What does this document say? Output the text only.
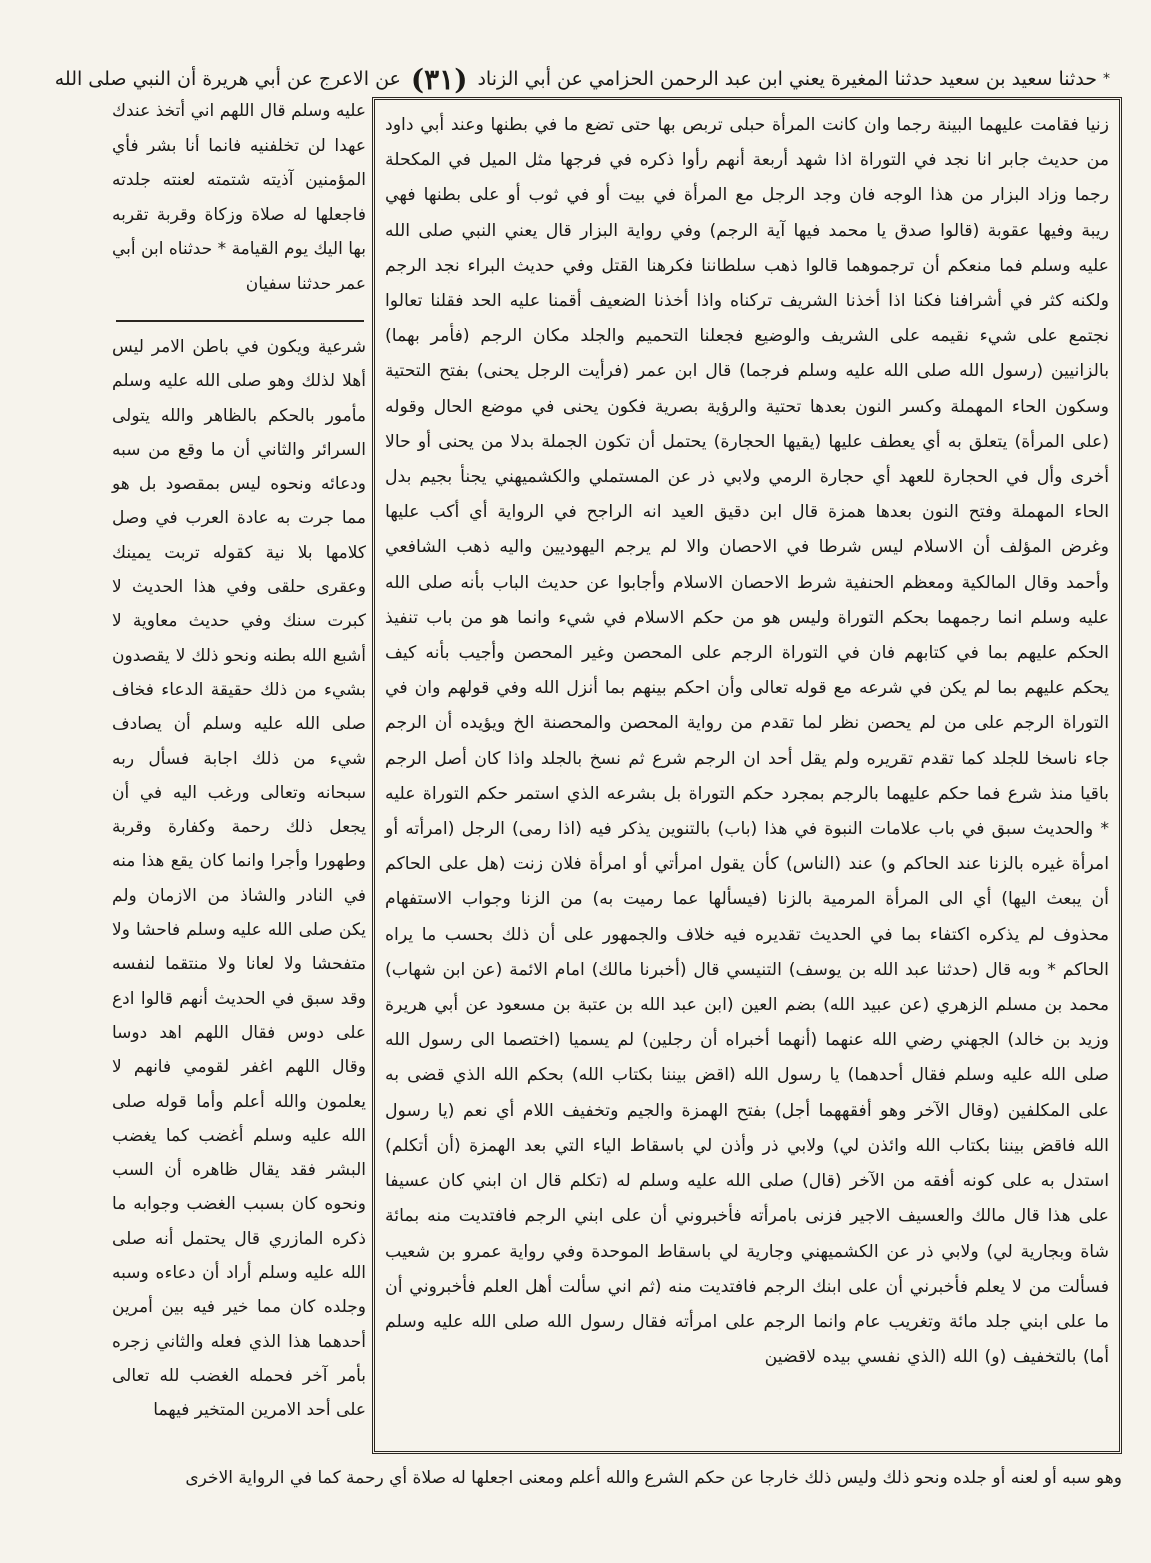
*
حدثنا سعيد بن سعيد حدثنا المغيرة يعني ابن عبد الرحمن الحزامي عن أبي الزناد
(٣١)
عن الاعرج عن أبي هريرة أن النبي صلى الله

عليه وسلم قال اللهم اني أتخذ عندك عهدا لن تخلفنيه فانما أنا بشر فأي المؤمنين آذيته شتمته لعنته جلدته فاجعلها له صلاة وزكاة وقربة تقربه بها اليك يوم القيامة * حدثناه ابن أبي عمر حدثنا سفيان

شرعية ويكون في باطن الامر ليس أهلا لذلك وهو صلى الله عليه وسلم مأمور بالحكم بالظاهر والله يتولى السرائر والثاني أن ما وقع من سبه ودعائه ونحوه ليس بمقصود بل هو مما جرت به عادة العرب في وصل كلامها بلا نية كقوله تربت يمينك وعقرى حلقى وفي هذا الحديث لا كبرت سنك وفي حديث معاوية لا أشبع الله بطنه ونحو ذلك لا يقصدون بشيء من ذلك حقيقة الدعاء فخاف صلى الله عليه وسلم أن يصادف شيء من ذلك اجابة فسأل ربه سبحانه وتعالى ورغب اليه في أن يجعل ذلك رحمة وكفارة وقربة وطهورا وأجرا وانما كان يقع هذا منه في النادر والشاذ من الازمان ولم يكن صلى الله عليه وسلم فاحشا ولا متفحشا ولا لعانا ولا منتقما لنفسه وقد سبق في الحديث أنهم قالوا ادع على دوس فقال اللهم اهد دوسا وقال اللهم اغفر لقومي فانهم لا يعلمون والله أعلم وأما قوله صلى الله عليه وسلم أغضب كما يغضب البشر فقد يقال ظاهره أن السب ونحوه كان بسبب الغضب وجوابه ما ذكره المازري قال يحتمل أنه صلى الله عليه وسلم أراد أن دعاءه وسبه وجلده كان مما خير فيه بين أمرين أحدهما هذا الذي فعله والثاني زجره بأمر آخر فحمله الغضب لله تعالى على أحد الامرين المتخير فيهما

زنيا فقامت عليهما البينة رجما وان كانت المرأة حبلى تربص بها حتى تضع ما في بطنها وعند أبي داود من حديث جابر انا نجد في التوراة اذا شهد أربعة أنهم رأوا ذكره في فرجها مثل الميل في المكحلة رجما وزاد البزار من هذا الوجه فان وجد الرجل مع المرأة في بيت أو في ثوب أو على بطنها فهي ريبة وفيها عقوبة (قالوا صدق يا محمد فيها آية الرجم) وفي رواية البزار قال يعني النبي صلى الله عليه وسلم فما منعكم أن ترجموهما قالوا ذهب سلطاننا فكرهنا القتل وفي حديث البراء نجد الرجم ولكنه كثر في أشرافنا فكنا اذا أخذنا الشريف تركناه واذا أخذنا الضعيف أقمنا عليه الحد فقلنا تعالوا نجتمع على شيء نقيمه على الشريف والوضيع فجعلنا التحميم والجلد مكان الرجم (فأمر بهما) بالزانيين (رسول الله صلى الله عليه وسلم فرجما) قال ابن عمر (فرأيت الرجل يحنى) بفتح التحتية وسكون الحاء المهملة وكسر النون بعدها تحتية والرؤية بصرية فكون يحنى في موضع الحال وقوله (على المرأة) يتعلق به أي يعطف عليها (يقيها الحجارة) يحتمل أن تكون الجملة بدلا من يحنى أو حالا أخرى وأل في الحجارة للعهد أي حجارة الرمي ولابي ذر عن المستملي والكشميهني يجنأ بجيم بدل الحاء المهملة وفتح النون بعدها همزة قال ابن دقيق العيد انه الراجح في الرواية أي أكب عليها وغرض المؤلف أن الاسلام ليس شرطا في الاحصان والا لم يرجم اليهوديين واليه ذهب الشافعي وأحمد وقال المالكية ومعظم الحنفية شرط الاحصان الاسلام وأجابوا عن حديث الباب بأنه صلى الله عليه وسلم انما رجمهما بحكم التوراة وليس هو من حكم الاسلام في شيء وانما هو من باب تنفيذ الحكم عليهم بما في كتابهم فان في التوراة الرجم على المحصن وغير المحصن وأجيب بأنه كيف يحكم عليهم بما لم يكن في شرعه مع قوله تعالى وأن احكم بينهم بما أنزل الله وفي قولهم وان في التوراة الرجم على من لم يحصن نظر لما تقدم من رواية المحصن والمحصنة الخ ويؤيده أن الرجم جاء ناسخا للجلد كما تقدم تقريره ولم يقل أحد ان الرجم شرع ثم نسخ بالجلد واذا كان أصل الرجم باقيا منذ شرع فما حكم عليهما بالرجم بمجرد حكم التوراة بل بشرعه الذي استمر حكم التوراة عليه * والحديث سبق في باب علامات النبوة في هذا (باب) بالتنوين يذكر فيه (اذا رمى) الرجل (امرأته أو امرأة غيره بالزنا عند الحاكم و) عند (الناس) كأن يقول امرأتي أو امرأة فلان زنت (هل على الحاكم أن يبعث اليها) أي الى المرأة المرمية بالزنا (فيسألها عما رميت به) من الزنا وجواب الاستفهام محذوف لم يذكره اكتفاء بما في الحديث تقديره فيه خلاف والجمهور على أن ذلك بحسب ما يراه الحاكم * وبه قال (حدثنا عبد الله بن يوسف) التنيسي قال (أخبرنا مالك) امام الائمة (عن ابن شهاب) محمد بن مسلم الزهري (عن عبيد الله) بضم العين (ابن عبد الله بن عتبة بن مسعود عن أبي هريرة وزيد بن خالد) الجهني رضي الله عنهما (أنهما أخبراه أن رجلين) لم يسميا (اختصما الى رسول الله صلى الله عليه وسلم فقال أحدهما) يا رسول الله (اقض بيننا بكتاب الله) بحكم الله الذي قضى به على المكلفين (وقال الآخر وهو أفقههما أجل) بفتح الهمزة والجيم وتخفيف اللام أي نعم (يا رسول الله فاقض بيننا بكتاب الله وائذن لي) ولابي ذر وأذن لي باسقاط الياء التي بعد الهمزة (أن أتكلم) استدل به على كونه أفقه من الآخر (قال) صلى الله عليه وسلم له (تكلم قال ان ابني كان عسيفا على هذا قال مالك والعسيف الاجير فزنى بامرأته فأخبروني أن على ابني الرجم فافتديت منه بمائة شاة وبجارية لي) ولابي ذر عن الكشميهني وجارية لي باسقاط الموحدة وفي رواية عمرو بن شعيب فسألت من لا يعلم فأخبرني أن على ابنك الرجم فافتديت منه (ثم اني سألت أهل العلم فأخبروني أن ما على ابني جلد مائة وتغريب عام وانما الرجم على امرأته فقال رسول الله صلى الله عليه وسلم أما) بالتخفيف (و) الله (الذي نفسي بيده لاقضين

وهو سبه أو لعنه أو جلده ونحو ذلك وليس ذلك خارجا عن حكم الشرع والله أعلم ومعنى اجعلها له صلاة أي رحمة كما في الرواية الاخرى
